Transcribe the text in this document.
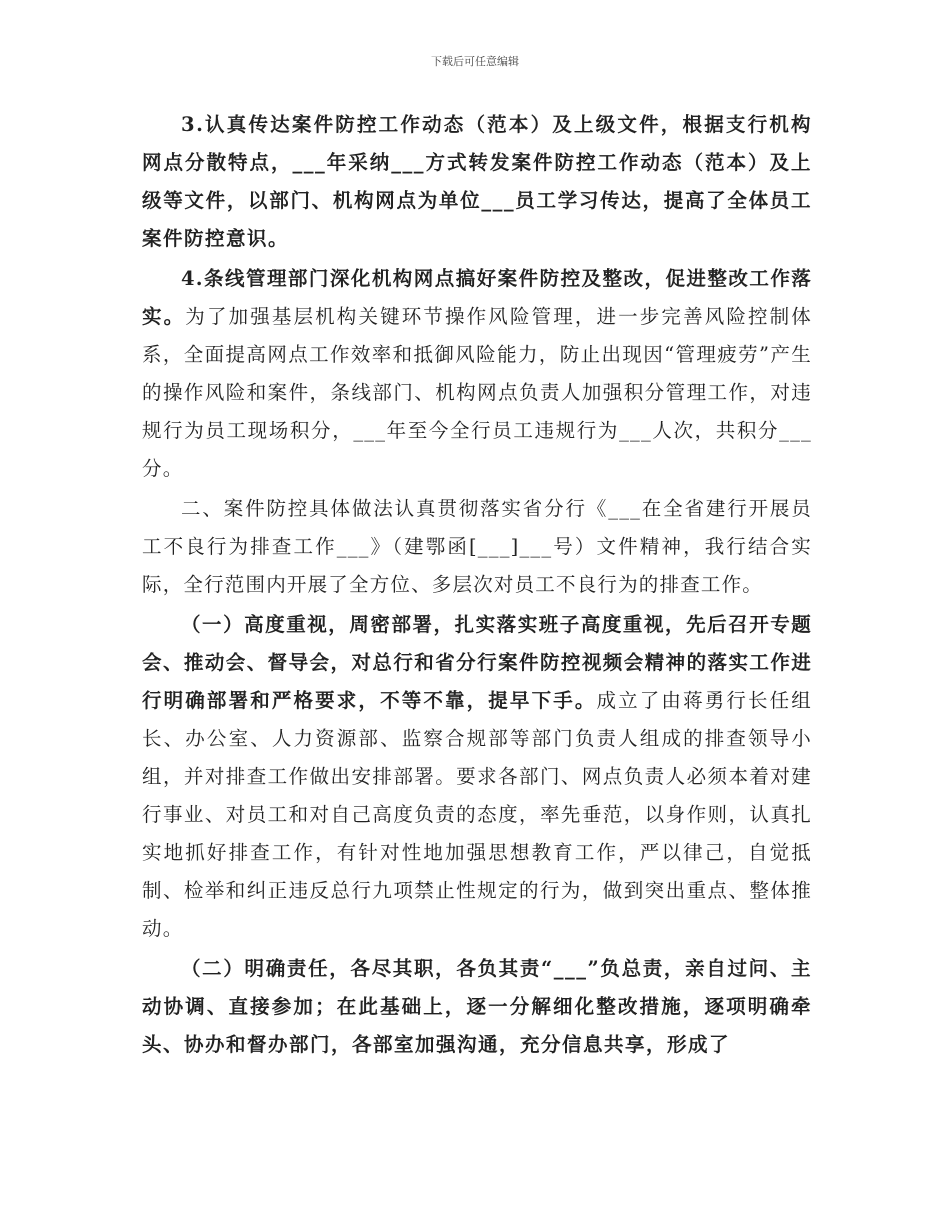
下载后可任意编辑

3.认真传达案件防控工作动态（范本）及上级文件，根据支行机构网点分散特点，___年采纳___方式转发案件防控工作动态（范本）及上级等文件，以部门、机构网点为单位___员工学习传达，提高了全体员工案件防控意识。

4.条线管理部门深化机构网点搞好案件防控及整改，促进整改工作落实。为了加强基层机构关键环节操作风险管理，进一步完善风险控制体系，全面提高网点工作效率和抵御风险能力，防止出现因“管理疲劳”产生的操作风险和案件，条线部门、机构网点负责人加强积分管理工作，对违规行为员工现场积分，___年至今全行员工违规行为___人次，共积分___分。

二、案件防控具体做法认真贯彻落实省分行《___在全省建行开展员工不良行为排查工作___》（建鄂函[___]___号）文件精神，我行结合实际，全行范围内开展了全方位、多层次对员工不良行为的排查工作。

（一）高度重视，周密部署，扎实落实班子高度重视，先后召开专题会、推动会、督导会，对总行和省分行案件防控视频会精神的落实工作进行明确部署和严格要求，不等不靠，提早下手。成立了由蒋勇行长任组长、办公室、人力资源部、监察合规部等部门负责人组成的排查领导小组，并对排查工作做出安排部署。要求各部门、网点负责人必须本着对建行事业、对员工和对自己高度负责的态度，率先垂范，以身作则，认真扎实地抓好排查工作，有针对性地加强思想教育工作，严以律己，自觉抵制、检举和纠正违反总行九项禁止性规定的行为，做到突出重点、整体推动。

（二）明确责任，各尽其职，各负其责“___”负总责，亲自过问、主动协调、直接参加；在此基础上，逐一分解细化整改措施，逐项明确牵头、协办和督办部门，各部室加强沟通，充分信息共享，形成了
